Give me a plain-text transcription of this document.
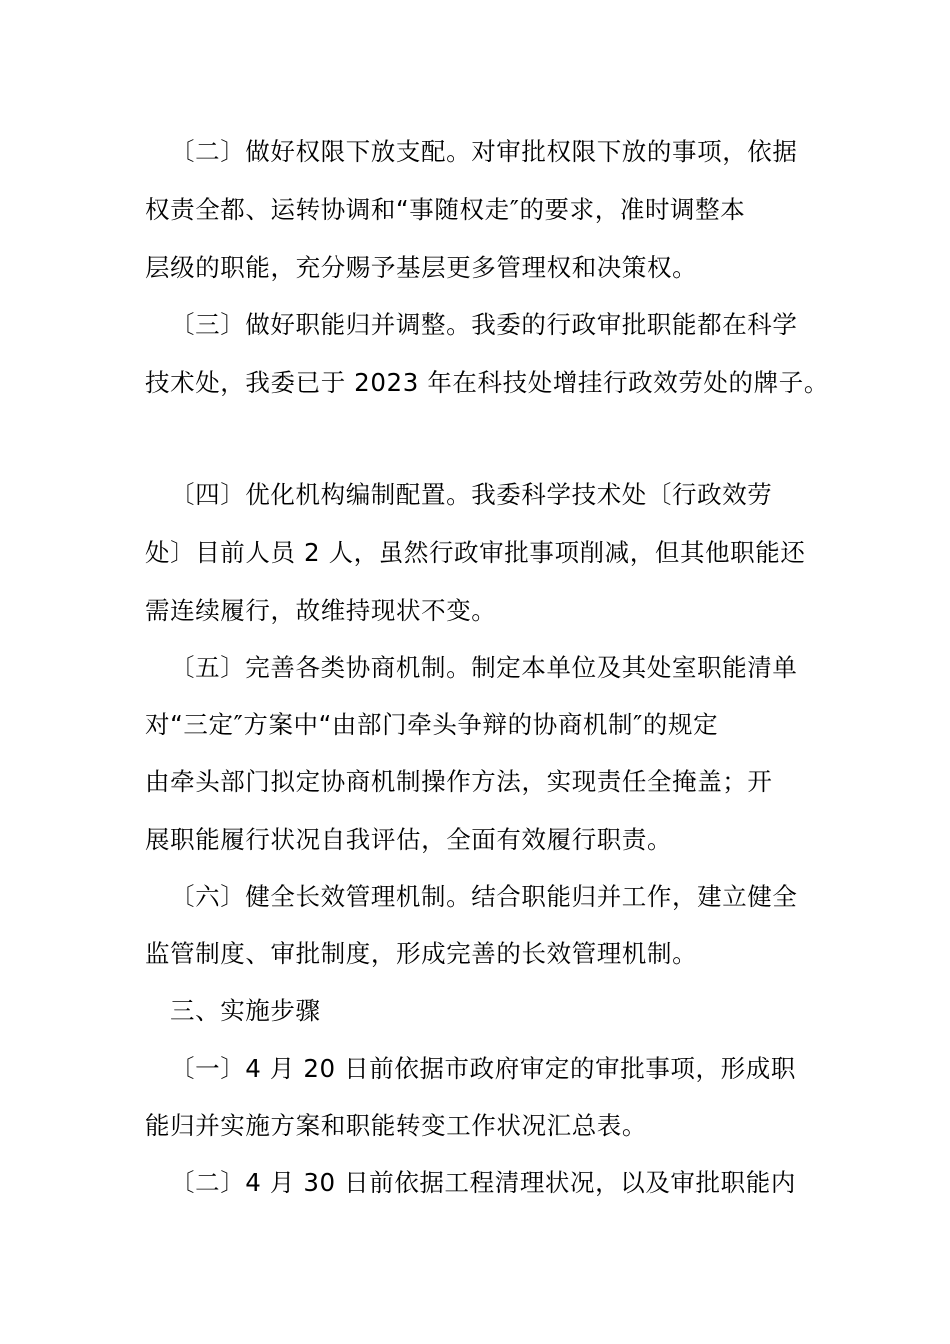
〔二〕做好权限下放支配。对审批权限下放的事项，依据
权责全都、运转协调和“事随权走″的要求，准时调整本
层级的职能，充分赐予基层更多管理权和决策权。
〔三〕做好职能归并调整。我委的行政审批职能都在科学
技术处，我委已于 2023 年在科技处增挂行政效劳处的牌子。
〔四〕优化机构编制配置。我委科学技术处〔行政效劳
处〕目前人员 2 人，虽然行政审批事项削减，但其他职能还
需连续履行，故维持现状不变。
〔五〕完善各类协商机制。制定本单位及其处室职能清单
对“三定″方案中“由部门牵头争辩的协商机制″的规定
由牵头部门拟定协商机制操作方法，实现责任全掩盖；开
展职能履行状况自我评估，全面有效履行职责。
〔六〕健全长效管理机制。结合职能归并工作，建立健全
监管制度、审批制度，形成完善的长效管理机制。
三、实施步骤
〔一〕4 月 20 日前依据市政府审定的审批事项，形成职
能归并实施方案和职能转变工作状况汇总表。
〔二〕4 月 30 日前依据工程清理状况，以及审批职能内
